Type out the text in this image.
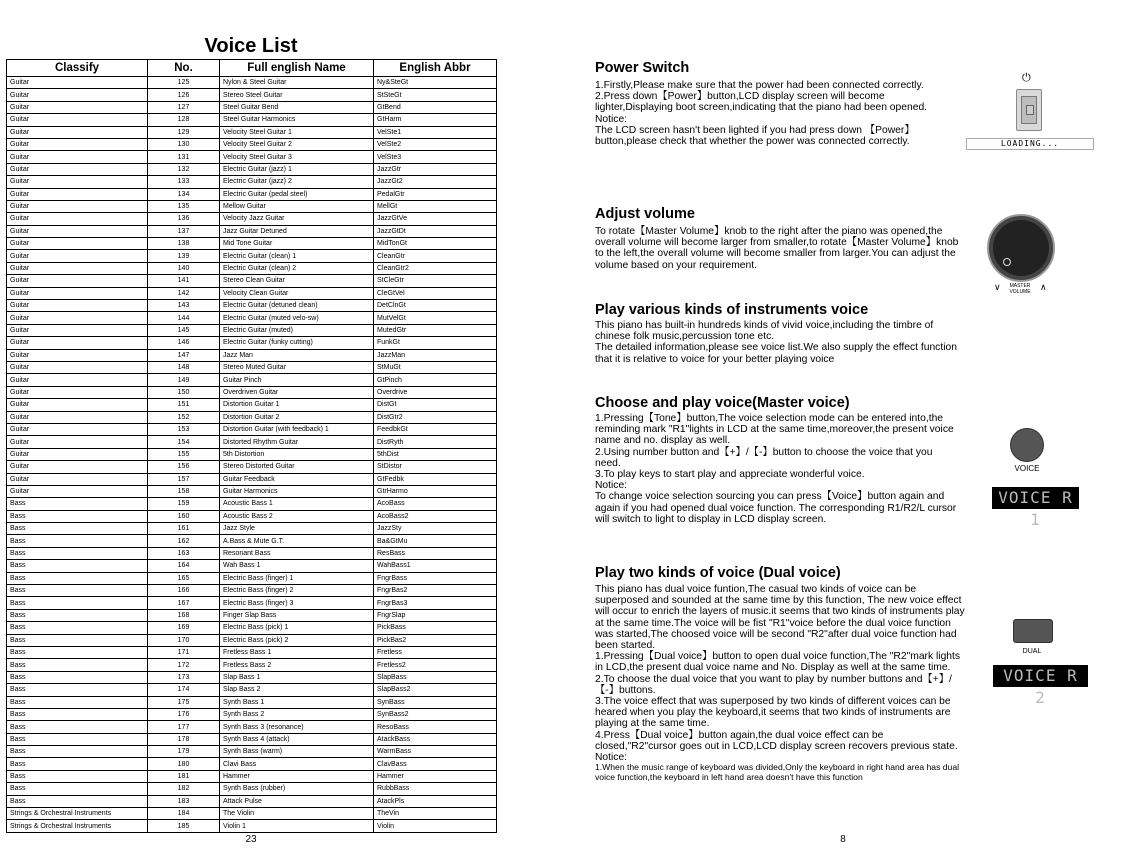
Voice List
Classify	No.	Full english Name	English Abbr
Guitar	125	Nylon & Steel Guitar	Ny&SteGt
Guitar	126	Stereo Steel Guitar	StSteGt
Guitar	127	Steel Guitar Bend	GtBend
Guitar	128	Steel Guitar Harmonics	GtHarm
Guitar	129	Velocity Steel Guitar 1	VelSte1
Guitar	130	Velocity Steel Guitar 2	VelSte2
Guitar	131	Velocity Steel Guitar 3	VelSte3
Guitar	132	Electric Guitar (jazz) 1	JazzGtr
Guitar	133	Electric Guitar (jazz) 2	JazzGt2
Guitar	134	Electric Guitar (pedal steel)	PedalGtr
Guitar	135	Mellow Guitar	MellGt
Guitar	136	Velocity Jazz Guitar	JazzGtVe
Guitar	137	Jazz Guitar Detuned	JazzGtDt
Guitar	138	Mid Tone Guitar	MidTonGt
Guitar	139	Electric Guitar (clean) 1	CleanGtr
Guitar	140	Electric Guitar (clean) 2	CleanGtr2
Guitar	141	Stereo Clean Guitar	StCleGtr
Guitar	142	Velocity Clean Guitar	CleGtVel
Guitar	143	Electric Guitar (detuned clean)	DetClnGt
Guitar	144	Electric Guitar (muted velo-sw)	MutVelGt
Guitar	145	Electric Guitar (muted)	MutedGtr
Guitar	146	Electric Guitar (funky cutting)	FunkGt
Guitar	147	Jazz Man	JazzMan
Guitar	148	Stereo Muted Guitar	StMuGt
Guitar	149	Guitar Pinch	GtPinch
Guitar	150	Overdriven Guitar	Overdrive
Guitar	151	Distortion Guitar 1	DistGt
Guitar	152	Distortion Guitar 2	DistGtr2
Guitar	153	Distortion Guitar (with feedback) 1	FeedbkGt
Guitar	154	Distorted Rhythm Guitar	DistRyth
Guitar	155	5th Distortion	5thDist
Guitar	156	Stereo Distorted Guitar	StDistor
Guitar	157	Guitar Feedback	GtFedbk
Guitar	158	Guitar Harmonics	GtrHarmo
Bass	159	Acoustic Bass 1	AcoBass
Bass	160	Acoustic Bass 2	AcoBass2
Bass	161	Jazz Style	JazzSty
Bass	162	A.Bass & Mute G.T.	Ba&GtMu
Bass	163	Resonant Bass	ResBass
Bass	164	Wah Bass 1	WahBass1
Bass	165	Electric Bass (finger) 1	FngrBass
Bass	166	Electric Bass (finger) 2	FngrBas2
Bass	167	Electric Bass (finger) 3	FngrBas3
Bass	168	Finger Slap Bass	FngrSlap
Bass	169	Electric Bass (pick) 1	PickBass
Bass	170	Electric Bass (pick) 2	PickBas2
Bass	171	Fretless Bass 1	Fretless
Bass	172	Fretless Bass 2	Fretless2
Bass	173	Slap Bass 1	SlapBass
Bass	174	Slap Bass 2	SlapBass2
Bass	175	Synth Bass 1	SynBass
Bass	176	Synth Bass 2	SynBass2
Bass	177	Synth Bass 3 (resonance)	ResoBass
Bass	178	Synth Bass 4 (attack)	AtackBass
Bass	179	Synth Bass (warm)	WarmBass
Bass	180	Clavi Bass	ClavBass
Bass	181	Hammer	Hammer
Bass	182	Synth Bass (rubber)	RubbBass
Bass	183	Attack Pulse	AtackPls
Strings & Orchestral Instruments	184	The Violin	TheVin
Strings & Orchestral Instruments	185	Violin 1	Violin
23
Power Switch

1.Firstly,Please make sure that the power had been connected correctly.

2.Press down【Power】button,LCD display screen will become lighter,Displaying boot screen,indicating that the piano had been opened.

Notice:

The LCD screen hasn't been lighted if you had press down 【Power】button,please check that whether the power was connected correctly.

⏻
LOADING...
Adjust volume

To rotate【Master Volume】knob to the right after the piano was opened,the overall volume will become larger from smaller,to rotate【Master Volume】knob to the left,the overall volume will become smaller from larger.You can adjust the volume based on your requirement.

∨	MASTER
VOLUME	∧
Play various kinds of instruments voice

This piano has built-in hundreds kinds of vivid voice,including the timbre of chinese folk music,percussion tone etc.

The detailed information,please see voice list.We also supply the effect function that it is relative to voice for your better playing voice

Choose and play voice(Master voice)

1.Pressing【Tone】button,The voice selection mode can be entered into,the reminding mark "R1"lights in LCD at the same time,moreover,the present voice name and no. display as well.

2.Using number button and【+】/【-】button to choose the voice that you need.

3.To play keys to start play and appreciate wonderful voice.

Notice:

To change voice selection sourcing you can press【Voice】button again and again if you had opened dual voice function. The corresponding R1/R2/L cursor will switch to light to display in LCD display screen.

VOICE
VOICE R 1
Play two kinds of voice (Dual voice)

This piano has dual voice funtion,The casual two kinds of voice can be superposed and sounded at the same time by this function, The new voice effect will occur to enrich the layers of music.it seems that two kinds of instruments play at the same time.The voice will be fist "R1"voice before the dual voice function was started,The choosed voice will be second "R2"after dual voice function had been started.

1.Pressing【Dual voice】button to open dual voice function,The "R2"mark lights in LCD,the present dual voice name and No. Display as well at the same time.

2.To choose the dual voice that you want to play by number buttons and【+】/【-】buttons.

3.The voice effect that was superposed by two kinds of different voices can be heared when you play the keyboard,it seems that two kinds of instruments are playing at the same time.

4.Press【Dual voice】button again,the dual voice effect can be closed,"R2"cursor goes out in LCD,LCD display screen recovers previous state.

Notice:

1.When the music range of keyboard was divided,Only the keyboard in right hand area has dual voice function,the keyboard in left hand area doesn't have this function

DUAL
VOICE R 2
8
